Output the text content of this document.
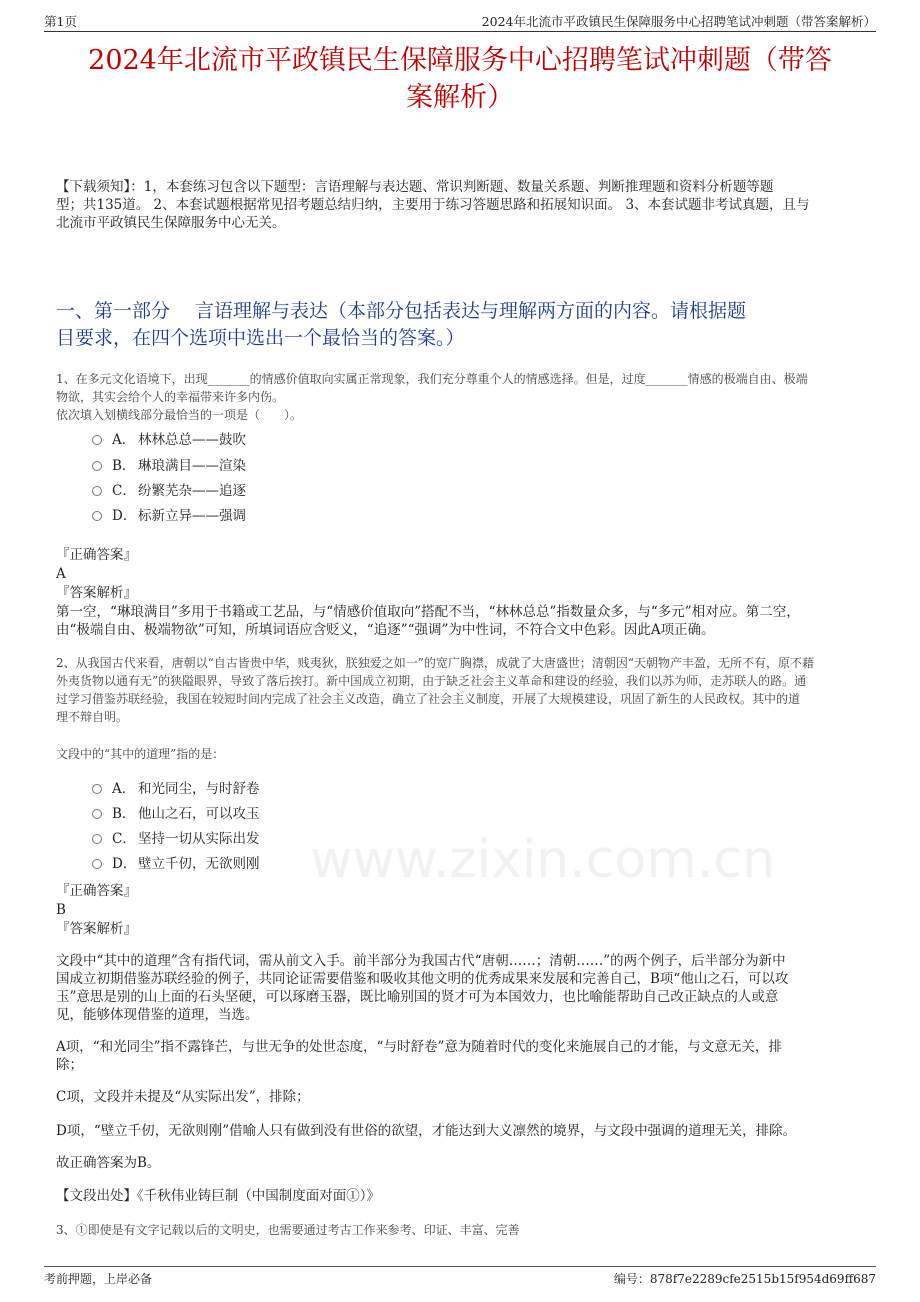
第1页	2024年北流市平政镇民生保障服务中心招聘笔试冲刺题（带答案解析）
2024年北流市平政镇民生保障服务中心招聘笔试冲刺题（带答
案解析）
【下载须知】：1，本套练习包含以下题型：言语理解与表达题、常识判断题、数量关系题、判断推理题和资料分析题等题
型；共135道。 2、本套试题根据常见招考题总结归纳，主要用于练习答题思路和拓展知识面。 3、本套试题非考试真题，且与
北流市平政镇民生保障服务中心无关。
一、第一部分　 言语理解与表达（本部分包括表达与理解两方面的内容。请根据题
目要求，在四个选项中选出一个最恰当的答案。）
1、在多元文化语境下，出现_______的情感价值取向实属正常现象，我们充分尊重个人的情感选择。但是，过度_______情感的极端自由、极端
物欲，其实会给个人的幸福带来许多内伤。
依次填入划横线部分最恰当的一项是（　　）。
A． 林林总总——鼓吹
B． 琳琅满目——渲染
C． 纷繁芜杂——追逐
D． 标新立异——强调
『正确答案』
A
『答案解析』
第一空，“琳琅满目”多用于书籍或工艺品，与“情感价值取向”搭配不当，“林林总总”指数量众多，与“多元”相对应。第二空，
由“极端自由、极端物欲”可知，所填词语应含贬义，“追逐”“强调”为中性词，不符合文中色彩。因此A项正确。
2、从我国古代来看，唐朝以“自古皆贵中华，贱夷狄，朕独爱之如一”的宽广胸襟，成就了大唐盛世；清朝因“天朝物产丰盈，无所不有，原不藉
外夷货物以通有无”的狭隘眼界，导致了落后挨打。新中国成立初期，由于缺乏社会主义革命和建设的经验，我们以苏为师，走苏联人的路。通
过学习借鉴苏联经验，我国在较短时间内完成了社会主义改造，确立了社会主义制度，开展了大规模建设，巩固了新生的人民政权。其中的道
理不辩自明。
文段中的“其中的道理”指的是：
A． 和光同尘，与时舒卷
B． 他山之石，可以攻玉
C． 坚持一切从实际出发
D． 壁立千仞，无欲则刚
『正确答案』
B
『答案解析』
文段中“其中的道理”含有指代词，需从前文入手。前半部分为我国古代“唐朝……；清朝……”的两个例子，后半部分为新中
国成立初期借鉴苏联经验的例子，共同论证需要借鉴和吸收其他文明的优秀成果来发展和完善自己，B项“他山之石，可以攻
玉”意思是别的山上面的石头坚硬，可以琢磨玉器，既比喻别国的贤才可为本国效力，也比喻能帮助自己改正缺点的人或意
见，能够体现借鉴的道理，当选。
A项，“和光同尘”指不露锋芒，与世无争的处世态度，“与时舒卷”意为随着时代的变化来施展自己的才能，与文意无关，排
除；
C项，文段并未提及“从实际出发”，排除；
D项，“壁立千仞，无欲则刚”借喻人只有做到没有世俗的欲望，才能达到大义凛然的境界，与文段中强调的道理无关，排除。
故正确答案为B。
【文段出处】《千秋伟业铸巨制（中国制度面对面①）》
3、①即使是有文字记载以后的文明史，也需要通过考古工作来参考、印证、丰富、完善
www.zixin.com.cn
考前押题，上岸必备	编号：878f7e2289cfe2515b15f954d69ff687
